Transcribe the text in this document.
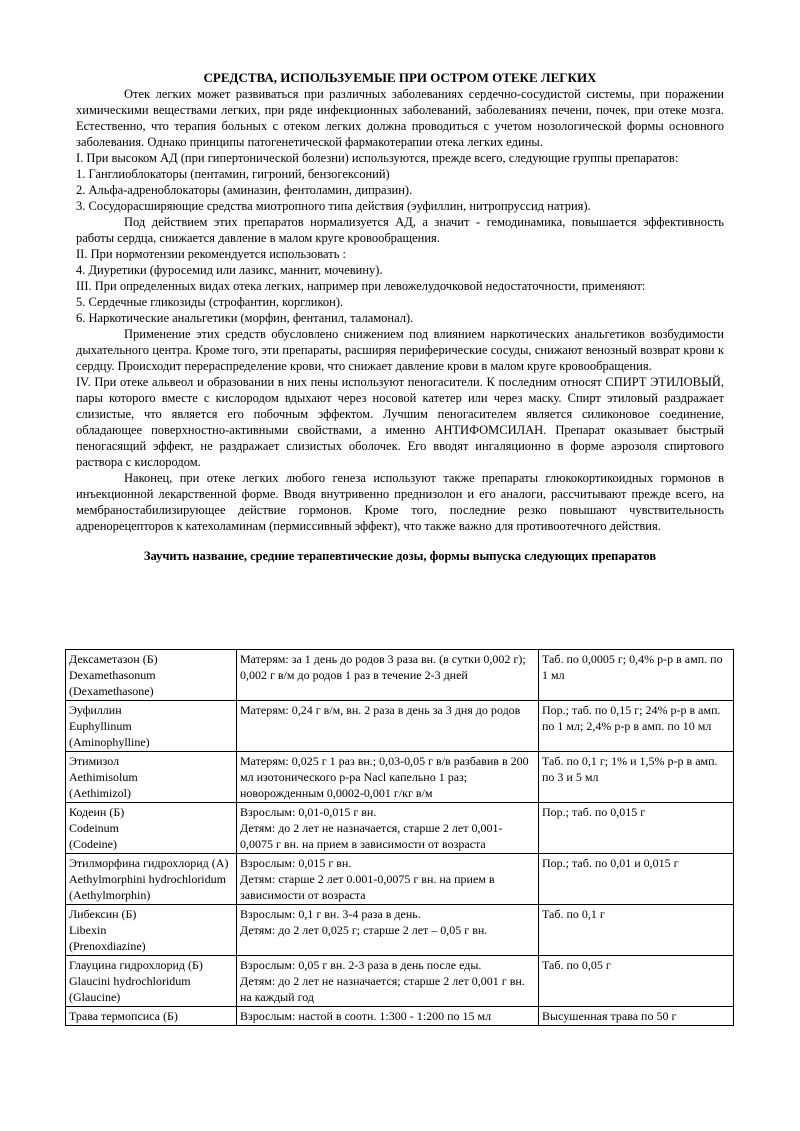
СРЕДСТВА, ИСПОЛЬЗУЕМЫЕ ПРИ ОСТРОМ ОТЕКЕ ЛЕГКИХ

Отек легких может развиваться при различных заболеваниях сердечно-сосудистой системы, при поражении химическими веществами легких, при ряде инфекционных заболеваний, заболеваниях печени, почек, при отеке мозга. Естественно, что терапия больных с отеком легких должна проводиться с учетом нозологической формы основного заболевания. Однако принципы патогенетической фармакотерапии отека легких едины.

I. При высоком АД (при гипертонической болезни) используются, прежде всего, следующие группы препаратов:

1. Ганглиоблокаторы (пентамин, гигроний, бензогексоний)

2. Альфа-адреноблокаторы (аминазин, фентоламин, дипразин).

3. Сосудорасширяющие средства миотропного типа действия (эуфиллин, нитропруссид натрия).

Под действием этих препаратов нормализуется АД, а значит - гемодинамика, повышается эффективность работы сердца, снижается давление в малом круге кровообращения.

II. При нормотензии рекомендуется использовать :

4. Диуретики (фуросемид или лазикс, маннит, мочевину).

III. При определенных видах отека легких, например при левожелудочковой недостаточности, применяют:

5. Сердечные гликозиды (строфантин, коргликон).

6. Наркотические анальгетики (морфин, фентанил, таламонал).

Применение этих средств обусловлено снижением под влиянием наркотических анальгетиков возбудимости дыхательного центра. Кроме того, эти препараты, расширяя периферические сосуды, снижают венозный возврат крови к сердцу. Происходит перераспределение крови, что снижает давление крови в малом круге кровообращения.

IV. При отеке альвеол и образовании в них пены используют пеногасители. К последним относят СПИРТ ЭТИЛОВЫЙ, пары которого вместе с кислородом вдыхают через носовой катетер или через маску. Спирт этиловый раздражает слизистые, что является его побочным эффектом. Лучшим пеногасителем является силиконовое соединение, обладающее поверхностно-активными свойствами, а именно АНТИФОМСИЛАН. Препарат оказывает быстрый пеногасящий эффект, не раздражает слизистых оболочек. Его вводят ингаляционно в форме аэрозоля спиртового раствора с кислородом.

Наконец, при отеке легких любого генеза используют также препараты глюкокортикоидных гормонов в инъекционной лекарственной форме. Вводя внутривенно преднизолон и его аналоги, рассчитывают прежде всего, на мембраностабилизирующее действие гормонов. Кроме того, последние резко повышают чувствительность адренорецепторов к катехоламинам (пермиссивный эффект), что также важно для противоотечного действия.

Заучить название, средние терапевтические дозы, формы выпуска следующих препаратов

Дексаметазон (Б)
Dexamethasonum
(Dexamethasone)	Матерям: за 1 день до родов 3 раза вн. (в сутки 0,002 г); 0,002 г в/м до родов 1 раз в течение 2-3 дней	Таб. по 0,0005 г; 0,4% р-р в амп. по 1 мл

Эуфиллин
Euphyllinum
(Aminophylline)	Матерям: 0,24 г в/м, вн. 2 раза в день за 3 дня до родов	Пор.; таб. по 0,15 г; 24% р-р в амп. по 1 мл; 2,4% р-р в амп. по 10 мл

Этимизол
Aethimisolum
(Aethimizol)	Матерям: 0,025 г 1 раз вн.; 0,03-0,05 г в/в разбавив в 200 мл изотонического р-ра Nacl капельно 1 раз; новорожденным 0,0002-0,001 г/кг в/м	Таб. по 0,1 г; 1% и 1,5% р-р в амп. по 3 и 5 мл

Кодеин (Б)
Codeinum
(Codeine)	Взрослым: 0,01-0,015 г вн.
Детям: до 2 лет не назначается, старше 2 лет 0,001-0,0075 г вн. на прием в зависимости от возраста	Пор.; таб. по 0,015 г

Этилморфина гидрохлорид (А)
Aethylmorphini hydrochloridum
(Aethylmorphin)	Взрослым: 0,015 г вн.
Детям: старше 2 лет 0.001-0,0075 г вн. на прием в зависимости от возраста	Пор.; таб. по 0,01 и 0,015 г

Либексин (Б)
Libexin
(Prenoxdiazine)	Взрослым: 0,1 г вн. 3-4 раза в день.
Детям: до 2 лет 0,025 г; старше 2 лет – 0,05 г вн.	Таб. по 0,1 г

Глауцина гидрохлорид (Б)
Glaucini hydrochloridum
(Glaucine)	Взрослым: 0,05 г вн. 2-3 раза в день после еды.
Детям: до 2 лет не назначается; старше 2 лет 0,001 г вн. на каждый год	Таб. по 0,05 г

Трава термопсиса (Б)	Взрослым: настой в соотн. 1:300 - 1:200 по 15 мл	Высушенная трава по 50 г
